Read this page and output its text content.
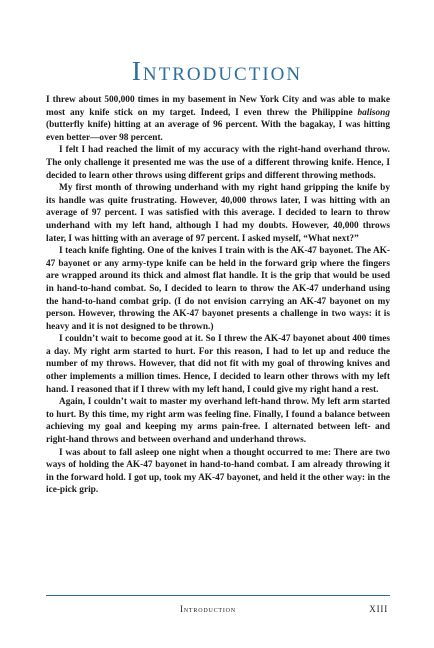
Introduction

I threw about 500,000 times in my basement in New York City and was able to make most any knife stick on my target. Indeed, I even threw the Philippine balisong (butterfly knife) hitting at an average of 96 percent. With the bagakay, I was hitting even better—over 98 percent.

I felt I had reached the limit of my accuracy with the right-hand overhand throw. The only challenge it presented me was the use of a different throwing knife. Hence, I decided to learn other throws using different grips and different throwing methods.

My first month of throwing underhand with my right hand gripping the knife by its handle was quite frustrating. However, 40,000 throws later, I was hitting with an average of 97 percent. I was satisfied with this average. I decided to learn to throw underhand with my left hand, although I had my doubts. However, 40,000 throws later, I was hitting with an average of 97 percent. I asked myself, “What next?”

I teach knife fighting. One of the knives I train with is the AK-47 bayonet. The AK-47 bayonet or any army-type knife can be held in the forward grip where the fingers are wrapped around its thick and almost flat handle. It is the grip that would be used in hand-to-hand combat. So, I decided to learn to throw the AK-47 underhand using the hand-to-hand combat grip. (I do not envision carrying an AK-47 bayonet on my person. However, throwing the AK-47 bayonet presents a challenge in two ways: it is heavy and it is not designed to be thrown.)

I couldn’t wait to become good at it. So I threw the AK-47 bayonet about 400 times a day. My right arm started to hurt. For this reason, I had to let up and reduce the number of my throws. However, that did not fit with my goal of throwing knives and other implements a million times. Hence, I decided to learn other throws with my left hand. I reasoned that if I threw with my left hand, I could give my right hand a rest.

Again, I couldn’t wait to master my overhand left-hand throw. My left arm started to hurt. By this time, my right arm was feeling fine. Finally, I found a balance between achieving my goal and keeping my arms pain-free. I alternated between left- and right-hand throws and between overhand and underhand throws.

I was about to fall asleep one night when a thought occurred to me: There are two ways of holding the AK-47 bayonet in hand-to-hand combat. I am already throwing it in the forward hold. I got up, took my AK-47 bayonet, and held it the other way: in the ice-pick grip.

Introduction	XIII
